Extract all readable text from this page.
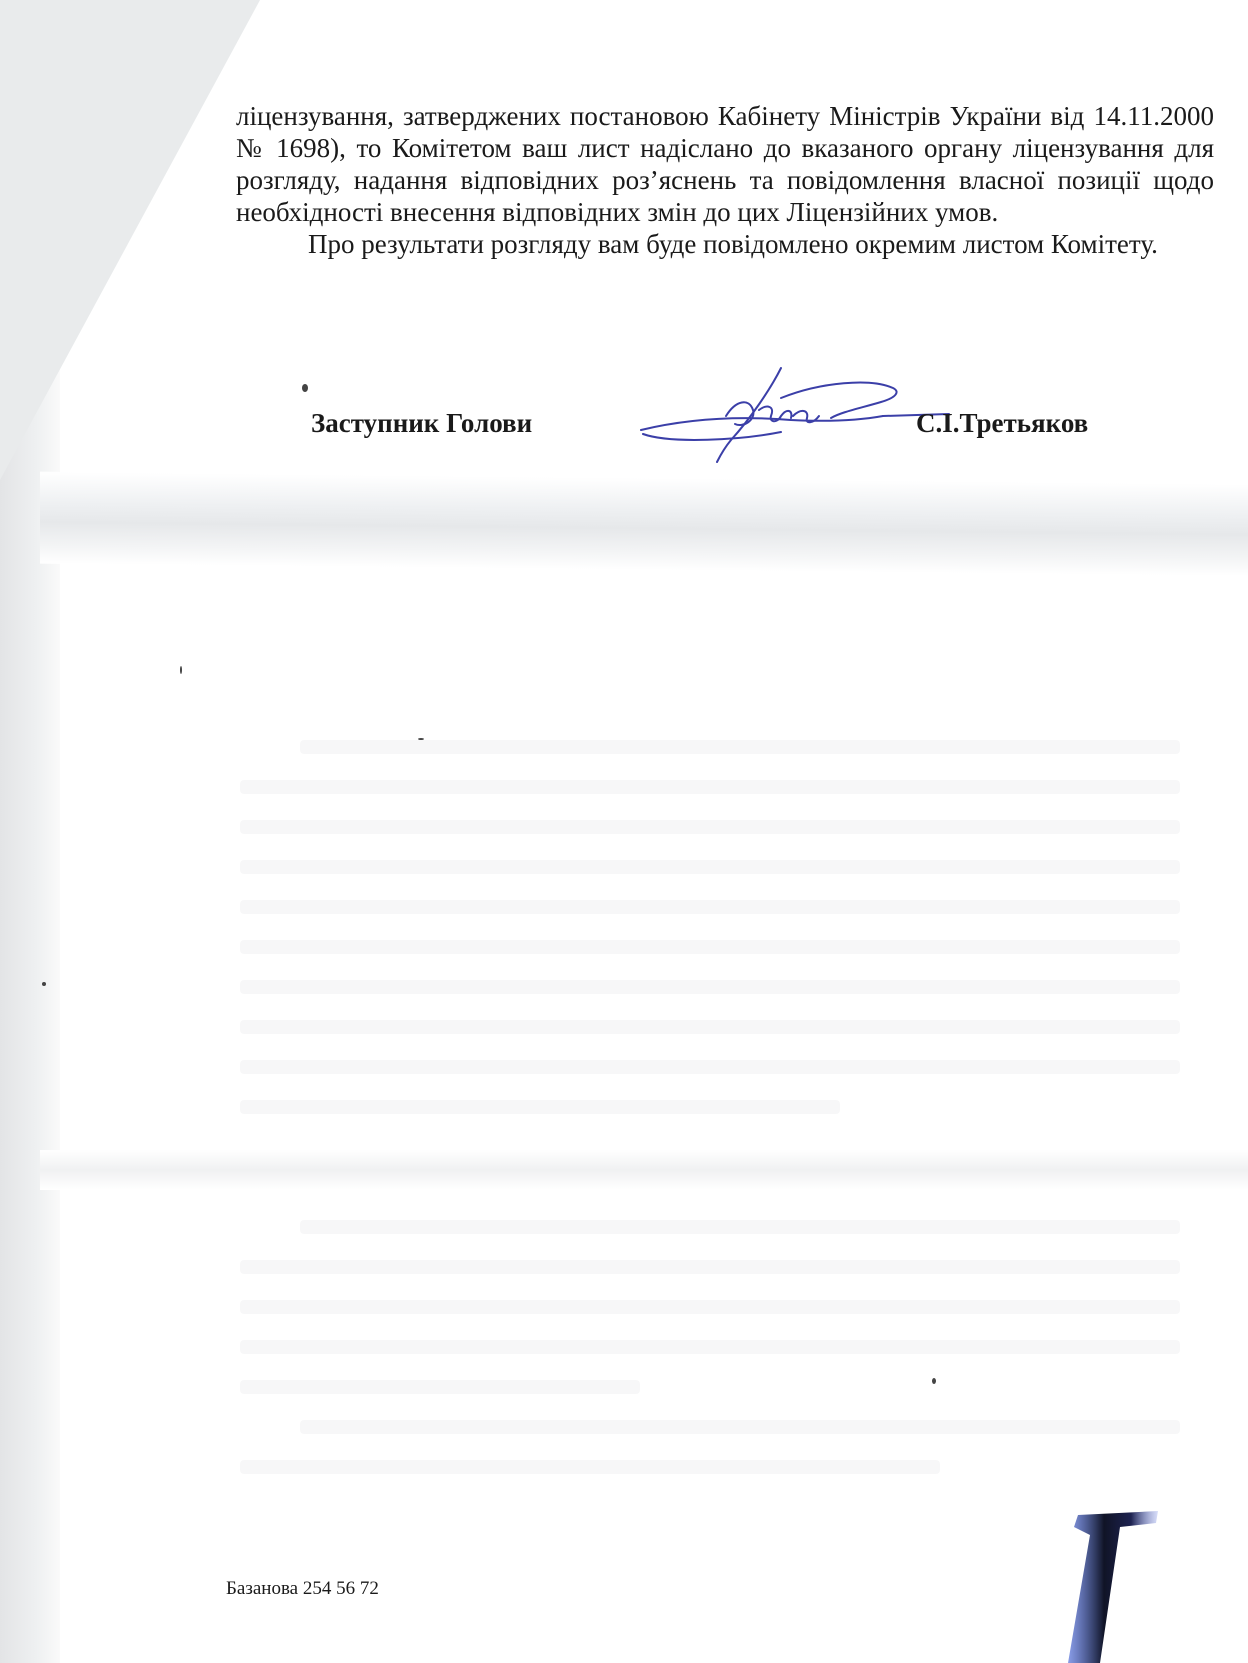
ліцензування, затверджених постановою Кабінету Міністрів України від 14.11.2000 № 1698), то Комітетом ваш лист надіслано до вказаного органу ліцензування для розгляду, надання відповідних роз’яснень та повідомлення власної позиції щодо необхідності внесення відповідних змін до цих Ліцензійних умов.

Про результати розгляду вам буде повідомлено окремим листом Комітету.

Заступник Голови	С.І.Третьяков
Базанова 254 56 72
